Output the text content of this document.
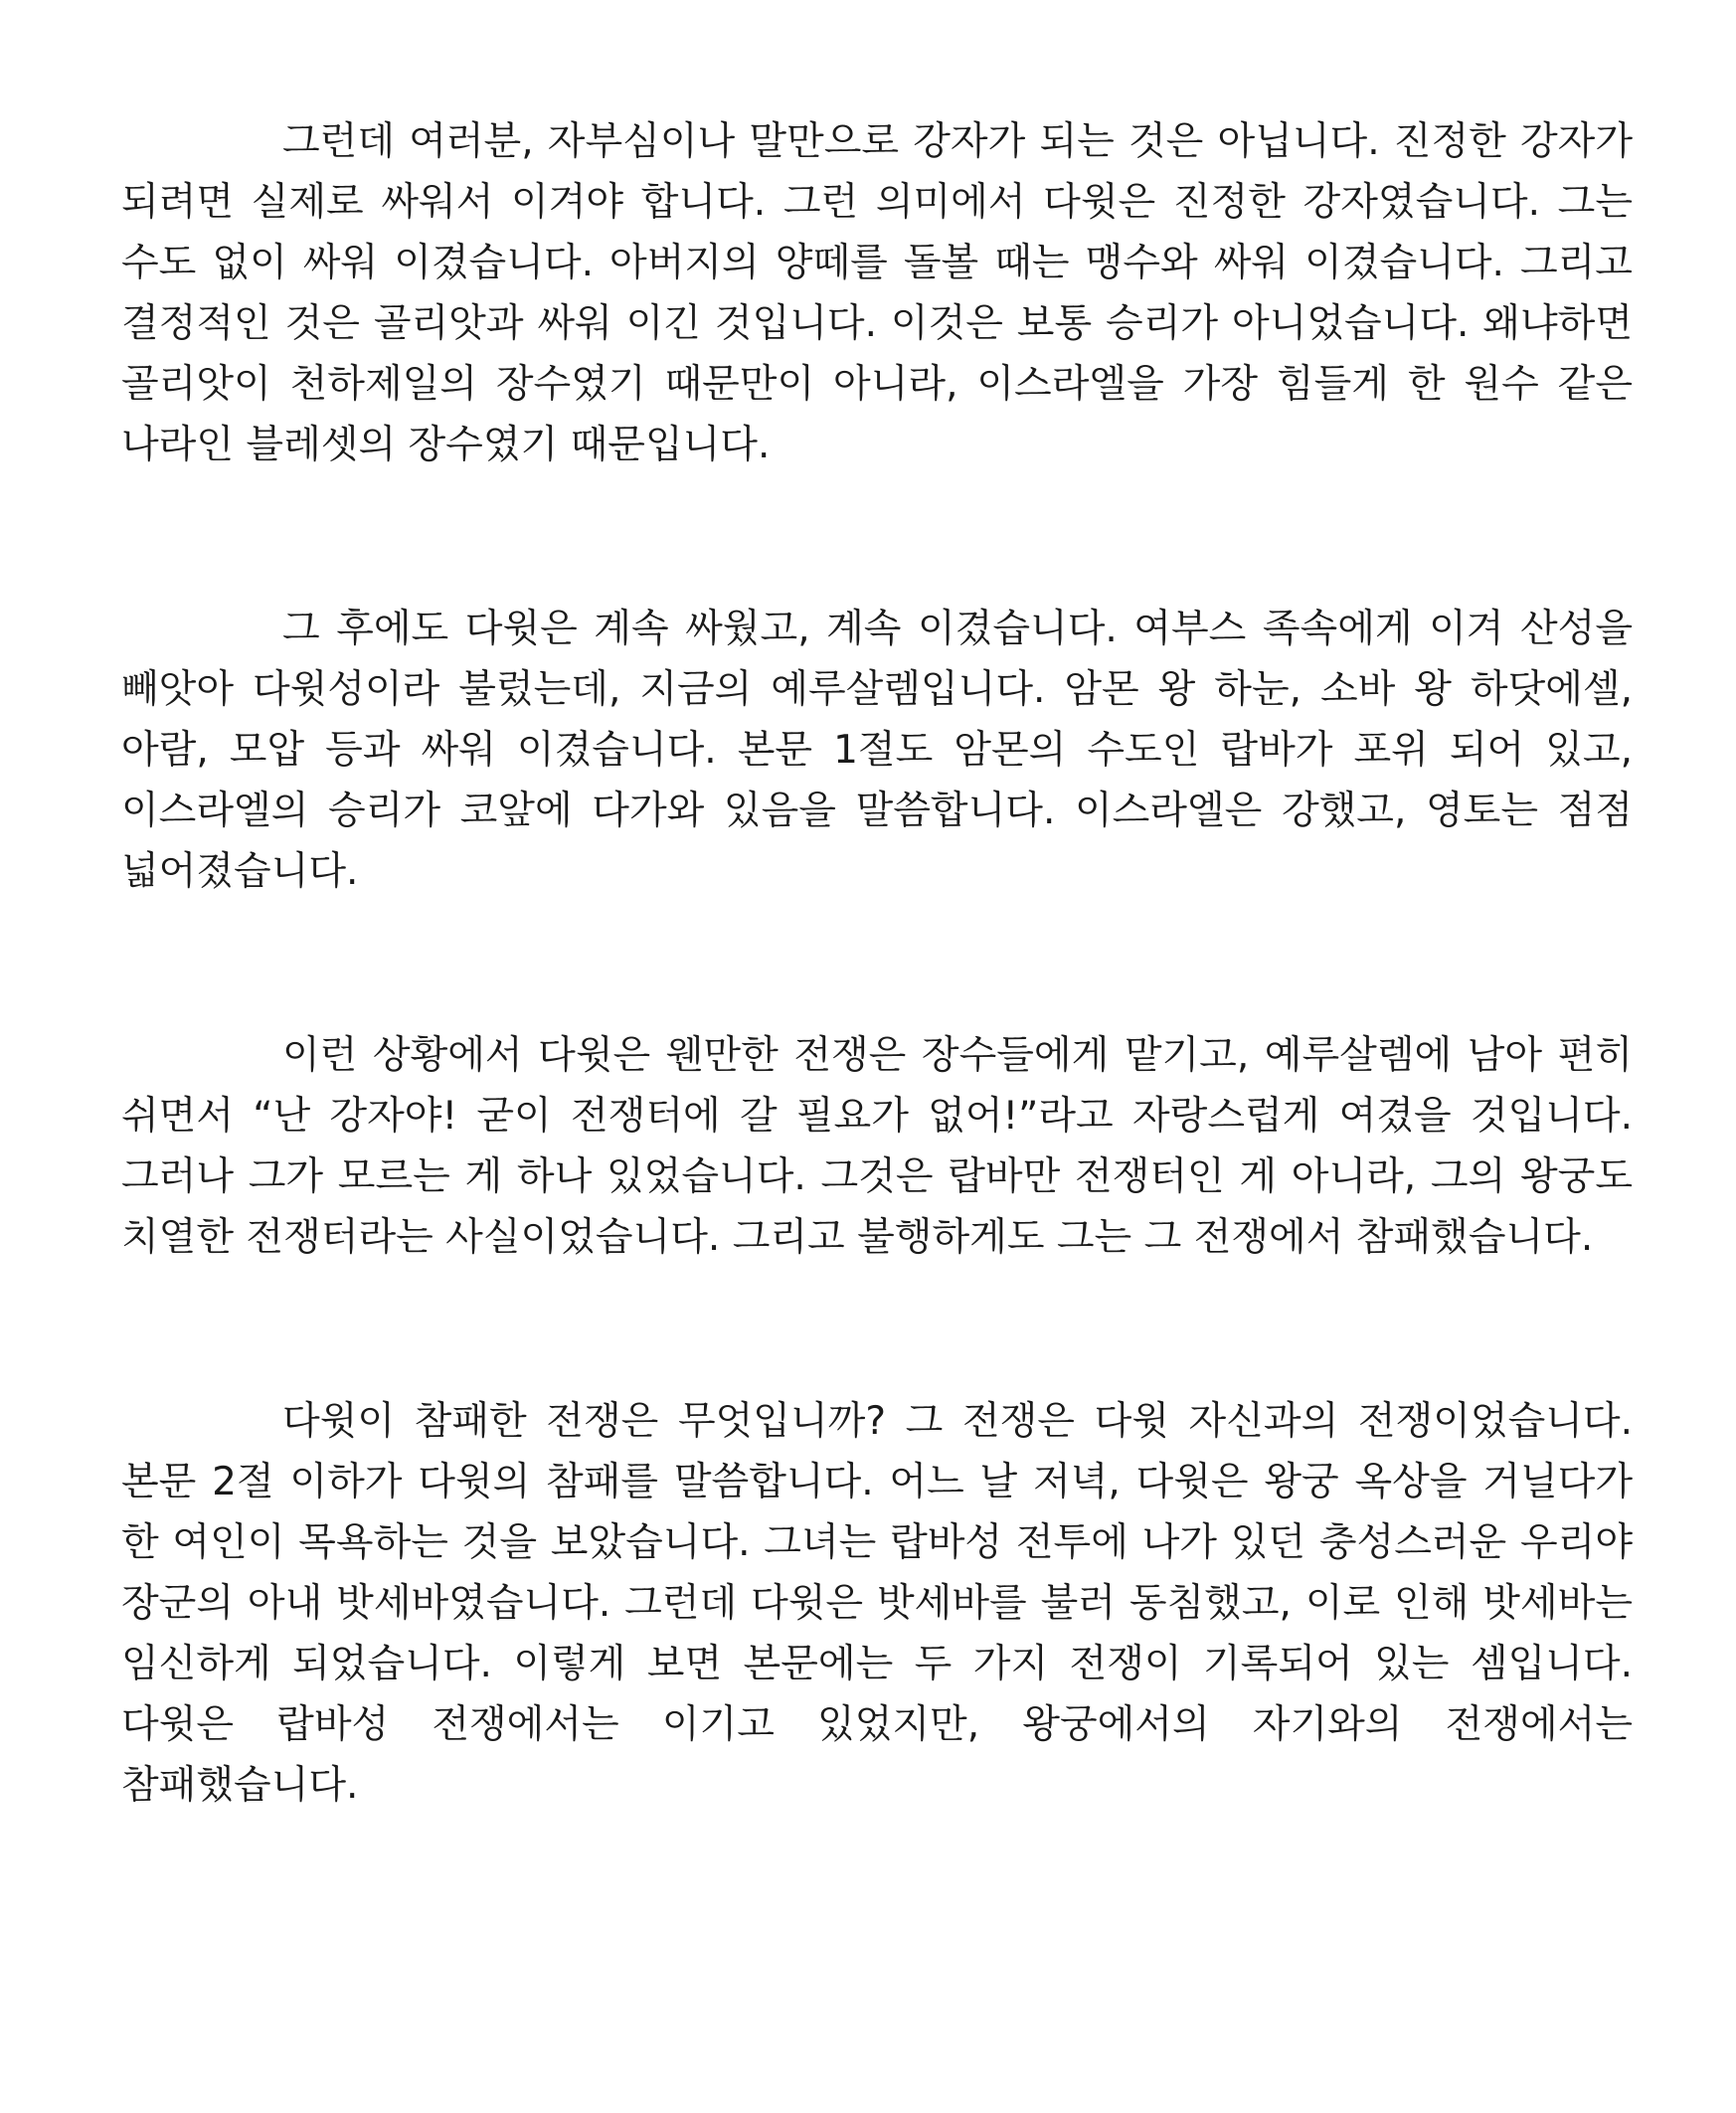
그런데 여러분, 자부심이나 말만으로 강자가 되는 것은 아닙니다. 진정한 강자가 되려면 실제로 싸워서 이겨야 합니다. 그런 의미에서 다윗은 진정한 강자였습니다. 그는 수도 없이 싸워 이겼습니다. 아버지의 양떼를 돌볼 때는 맹수와 싸워 이겼습니다. 그리고 결정적인 것은 골리앗과 싸워 이긴 것입니다. 이것은 보통 승리가 아니었습니다. 왜냐하면 골리앗이 천하제일의 장수였기 때문만이 아니라, 이스라엘을 가장 힘들게 한 원수 같은 나라인 블레셋의 장수였기 때문입니다.

그 후에도 다윗은 계속 싸웠고, 계속 이겼습니다. 여부스 족속에게 이겨 산성을 빼앗아 다윗성이라 불렀는데, 지금의 예루살렘입니다. 암몬 왕 하눈, 소바 왕 하닷에셀, 아람, 모압 등과 싸워 이겼습니다. 본문 1절도 암몬의 수도인 랍바가 포위 되어 있고, 이스라엘의 승리가 코앞에 다가와 있음을 말씀합니다. 이스라엘은 강했고, 영토는 점점 넓어졌습니다.

이런 상황에서 다윗은 웬만한 전쟁은 장수들에게 맡기고, 예루살렘에 남아 편히 쉬면서 “난 강자야! 굳이 전쟁터에 갈 필요가 없어!”라고 자랑스럽게 여겼을 것입니다. 그러나 그가 모르는 게 하나 있었습니다. 그것은 랍바만 전쟁터인 게 아니라, 그의 왕궁도 치열한 전쟁터라는 사실이었습니다. 그리고 불행하게도 그는 그 전쟁에서 참패했습니다.

다윗이 참패한 전쟁은 무엇입니까? 그 전쟁은 다윗 자신과의 전쟁이었습니다. 본문 2절 이하가 다윗의 참패를 말씀합니다. 어느 날 저녁, 다윗은 왕궁 옥상을 거닐다가 한 여인이 목욕하는 것을 보았습니다. 그녀는 랍바성 전투에 나가 있던 충성스러운 우리야 장군의 아내 밧세바였습니다. 그런데 다윗은 밧세바를 불러 동침했고, 이로 인해 밧세바는 임신하게 되었습니다. 이렇게 보면 본문에는 두 가지 전쟁이 기록되어 있는 셈입니다. 다윗은 랍바성 전쟁에서는 이기고 있었지만, 왕궁에서의 자기와의 전쟁에서는 참패했습니다.
